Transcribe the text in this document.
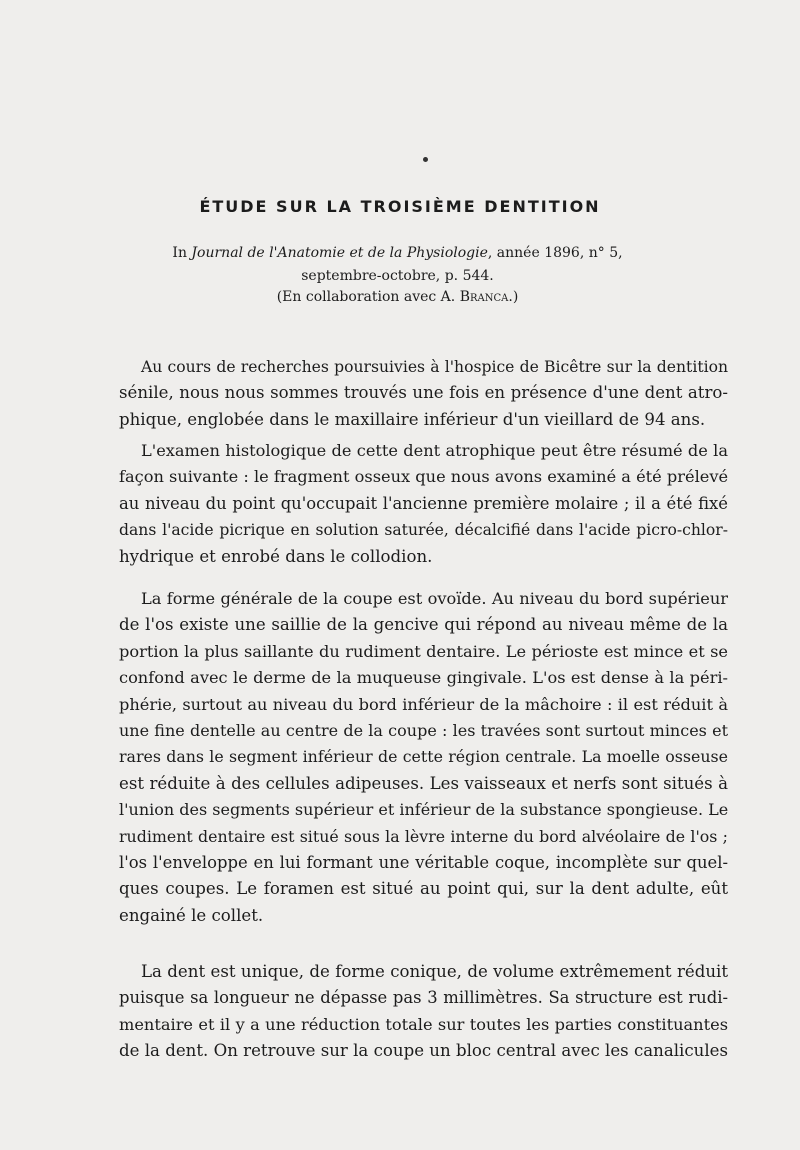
ÉTUDE SUR LA TROISIÈME DENTITION

In Journal de l'Anatomie et de la Physiologie, année 1896, n° 5,
septembre-octobre, p. 544.

(En collaboration avec A. Branca.)

Au cours de recherches poursuivies à l'hospice de Bicêtre sur la dentition
sénile, nous nous sommes trouvés une fois en présence d'une dent atro-
phique, englobée dans le maxillaire inférieur d'un vieillard de 94 ans.
L'examen histologique de cette dent atrophique peut être résumé de la
façon suivante : le fragment osseux que nous avons examiné a été prélevé
au niveau du point qu'occupait l'ancienne première molaire ; il a été fixé
dans l'acide picrique en solution saturée, décalcifié dans l'acide picro-chlor-
hydrique et enrobé dans le collodion.
La forme générale de la coupe est ovoïde. Au niveau du bord supérieur
de l'os existe une saillie de la gencive qui répond au niveau même de la
portion la plus saillante du rudiment dentaire. Le périoste est mince et se
confond avec le derme de la muqueuse gingivale. L'os est dense à la péri-
phérie, surtout au niveau du bord inférieur de la mâchoire : il est réduit à
une fine dentelle au centre de la coupe : les travées sont surtout minces et
rares dans le segment inférieur de cette région centrale. La moelle osseuse
est réduite à des cellules adipeuses. Les vaisseaux et nerfs sont situés à
l'union des segments supérieur et inférieur de la substance spongieuse. Le
rudiment dentaire est situé sous la lèvre interne du bord alvéolaire de l'os ;
l'os l'enveloppe en lui formant une véritable coque, incomplète sur quel-
ques coupes. Le foramen est situé au point qui, sur la dent adulte, eût
engainé le collet.
La dent est unique, de forme conique, de volume extrêmement réduit
puisque sa longueur ne dépasse pas 3 millimètres. Sa structure est rudi-
mentaire et il y a une réduction totale sur toutes les parties constituantes
de la dent. On retrouve sur la coupe un bloc central avec les canalicules
